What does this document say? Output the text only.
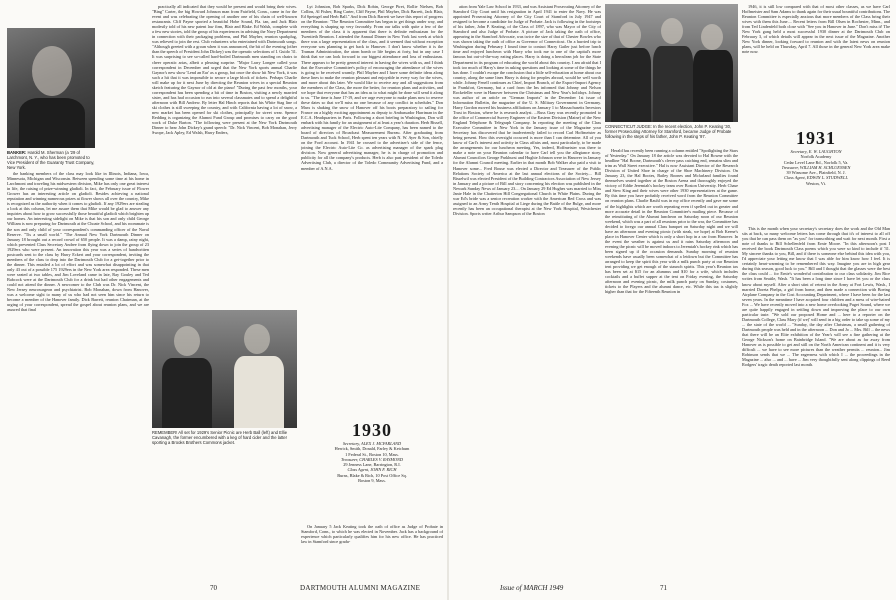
BANKER: Harold M. Sherman (a '29 of Larchmont, N. Y., who has been promoted to Vice President of the Guaranty Trust Company, New York.

the banking members of the class may look like in Illinois, Indiana, Iowa, Minnesota, Michigan and Wisconsin. Between spending some time at his home in Larchmont and traveling his midwestern division, Mike has only one great interest in life, the raising of prize-winning gladioli. In fact, the February issue of Flower Grower has an interesting article on gladioli. Besides achieving a national reputation and winning numerous prizes at flower shows all over the country, Mike is recognized as the authority when it comes to gladioli. If any 1929ers are stealing a look at this column, let me assure them that Mike would be glad to answer any inquiries about how to grow successfully those beautiful gladioli which brighten up our homes. An interesting sidelight on Mike is that his son and only child George William is now preparing for Dartmouth at the Choate School, and his roommate is the son and only child of your correspondent's commanding officer of the Naval Reserve. "Tis a small world." "The Annual New York Dartmouth Dinner on January 18 brought out a record crowd of 650 people. It was a damp, rainy night, which prevented Class Secretary Andree from flying down to join the group of 23 1929ers who were present. An innovation this year was a series of handwritten postcards sent to the class by Harry Eckert and your correspondent, inviting the members of the class to drop into the Dartmouth Club for a get-together prior to the dinner. This entailed a lot of effort and was somewhat disappointing in that only 43 out of a possible 175 1929ers in the New York area responded. These men were seated at two tables, and Jim Loveland came in late, Ray Gouley and Ted Babcock were at the Dartmouth Club for a drink but had other engagements and could not attend the dinner. A newcomer to the Club was Dr. Nick Vincent, the New Jersey neurosurgeon and psychiatrist. Bob Monahan, down from Hanover, was a welcome sight to many of us who had not seen him since his return to become a member of the Hanover family. Dick Barrett, reunion Chairman, at the urging of your correspondent, spread the gospel about reunion plans, and we are assured that final

practically all indicated that they would be present and would bring their wives. "Bing" Carter, the big Howard Johnson man from Fairfield, Conn., came in for the event and was celebrating the opening of another one of his chain of well-known restaurants. Cliff Payne sported a beautiful Hobe Sound, Fla. tan, and Jack Blair modestly told of his new patent law firm, Blair and Blake. Ed Walsh, complete with a few new stories, told the group of his experiences in advising the Navy Department in connection with their packaging problems, and Phil Mayher, reunion sparkplug, was relieved to join the rest. Club volunteers who entertained with Dartmouth songs. "Although greeted with a groan when it was announced, the bit of the evening (other than the speech of President John Dickey) was the operatic selections of I. Guido '31. It was surprising to see so-called hard-boiled Dartmouth men standing on chairs to cheer operatic arias, albeit a pleasing surprise. "Major Larry Longee called your correspondent in December and urged that the New York sports annual Charlie Gaynor's new show 'Lend an Ear' as a group, but once the show hit New York, it was such a hit that it was impossible to secure a large block of tickets. Perhaps Charlie will make up for it next June by directing the Reunion wives in a special Reunion sketch featuring the Gaynor of old at the piano! "During the past few months, your correspondent has been spending a bit of time in Boston, visiting a newly married sister, and has had occasion to run into several classmates and to spend a delightful afternoon with Bill Andrew. By letter Hal Hinch reports that his White Stag line of ski clothes is still sweeping the country, and with California having a lot of snow, a new market has been opened for ski clothes, principally for street wear. Spence Redding is organizing the Alumni Fund Group and promises to carry on the good work of Duke Barton. "The following were present at the New York Dartmouth Dinner to hear John Dickey's grand speech: "Dr. Nick Vincent, Bob Monahan, Jerry Swope, Jack Apley, Ed Walsh, Harry Enders,

REMEMBER! All set for 1929's Senior Picnic are Herb Ball (left) and Ellie Cavanagh, the former encumbered with a keg of hard cider and the latter sporting a Brooks Brothers Commons jacket.

Lyt Johnston, Bob Sparks, Dick Robin, George Piret, Rollie Nielsen, Bob Collins, Al Fisher, Bing Carter, Cliff Payne, Phil Mayher, Dick Barrett, Jack Blair, Ed Speingel and Herb Ball." And from Dick Barrett we have this report of progress on the Reunion: "The Reunion Committee has begun to get things under way, and everything is shaping up very favorably. From our talks with quite a few of the members of the class it is apparent that there is definite enthusiasm for the Twentieth Reunion. I attended the Annual Dinner in New York last week at which there was a large representation of the class, and it seemed that without exception everyone was planning to get back to Hanover. I don't know whether it is the Truman Administration, the atom bomb or life begins at forty, but in any case I think that we can look forward to our biggest attendance and loss of enthusiasm. There appears to be pretty general interest in having the wives with us, and I think that the Executive Committee's policy of encouraging the attendance of the wives is going to be received warmly. Phil Mayher and I have some definite ideas along these lines to make the reunion pleasant and enjoyable in every way for the wives, and more about this later. We would like to receive any and all suggestions from the members of the Class, the more the better, for reunion plans and activities, and we hope that everyone that has an idea as to what might be done will send it along to us. "The time is June 17-19, and we urge everyone to make plans now to reserve these dates so that we'll miss no one because of any conflict in schedules." Don Marx is shaking the snow of Hanover off his boots preparatory to sailing for France on a highly exciting appointment as deputy to Ambassador Harriman in the E.C.A. Headquarters in Paris. Following a short briefing in Washington, Don will embark with his family for an assignment of at least a year's duration. Herb Bissell, advertising manager of the Electric Auto-Lite Company, has been named to the board of directors of Broadcast Measurement Bureau. After graduating from Dartmouth and Tuck School, Herb spent ten years with N. W. Ayer & Son, chiefly on the Ford account. In 1941 he crossed to the advertiser's side of the fence, joining the Electric Auto-Lite Co. as advertising manager of the spark plug division. Now general advertising manager, he is in charge of promotion and publicity for all the company's products. Herb is also past president of the Toledo Advertising Club, a director of the Toledo Community Advertising Fund, and a member of A.N.A.

1930
Secretary, ALEX J. MCFARLAND
Herrick, Smith, Donald, Farley & Ketchum
1 Federal St., Boston 10, Mass.
Treasurer, CHARLES V. RAYMOND
29 Jenness Lane, Barrington, R.I.
Class Agent, JOHN F. RICH
Burns, Blake & Rich, 10 Post Office Sq.
Boston 9, Mass.

On January 5 Jack Keating took the oath of office as Judge of Probate in Stamford, Conn., to which he was elected in November. Jack has a background of experience which particularly qualifies him for his new office. He has practiced law in Stamford since gradu-

70	DARTMOUTH ALUMNI MAGAZINE

ation from Yale Law School in 1933, and was Assistant Prosecuting Attorney of the Stamford City Court until his resignation in April 1941 to enter the Navy. He was appointed Prosecuting Attorney of the City Court of Stamford in July 1947 and resigned to become a candidate for Judge of Probate. Jack is following in the footsteps of his father, John P. Keating, of the Class of 1897, who was Mayor of the City of Stamford and also Judge of Probate. A picture of Jack taking the oath of office, appearing in the Stamford Advocate, was twice the size of that of Chester Bowles who was shown taking the oath of office as Governor of Connecticut. On a hurried trip to Washington during February I found time to contact Harry Gailer just before lunch time and enjoyed luncheon with Harry who took me to one of the capital's more famous but out-of-the-way eating places. Harry is doing a herculean job for the State Department in its program of educating the world about this country. I am afraid that I took too much of Harry's time in asking questions and looking at some of the things he has done. I couldn't escape the conclusion that a little self-education at home about our country, along the same lines Harry is doing for peoples abroad, would be well worth while. Johnny Fenell continues as Chief, Import Branch, of the Export-Import Agency in Frankfort, Germany, but a card from the Ins informed that Johnny and Nelson Rockefeller were in Hanover between the Christmas and New Year's holidays. Johnny was author of an article on "German Imports" in the December 1st issue of Information Bulletin, the magazine of the U. S. Military Government in Germany. Harry Gordon moved his business affiliations on January 1 to Massachusetts Investors Trust in Boston, where he is research analyst. ...Russ Gray was recently promoted to the office of Commercial Survey Engineer of the Eastern Division (Maine) of the New England Telephone & Telegraph Company. In reporting the meeting of the Class Executive Committee in New York in the January issue of the Magazine your Secretary has discovered that he inadvertently failed to record Carl Hoffmeister as being present. How this oversight occurred is more than I can determine. All of you know of Carl's interest and activity in Class affairs and, most particularly, to be made the arrangements for our luncheon meeting. Yes, indeed, Hoffmeister was there to make a note on your Reunion calendar to have Carl tell you the allegiance story. Alumni Councilors George Parkhurst and Hughie Johnson were in Hanover in January for the Alumni Council meeting. Earlier in that month Bob Walker also paid a visit to Hanover some... Fred Bouse was elected a Director and Treasurer of the Public Relations Society of America at the last annual elections of the Society.... Bill Bisselwil was elected President of the Building Contractors Association of New Jersey in January and a picture of Bill and story concerning his election was published in the Newark Sunday News of January 23.... On January 29 Ed Hughes was married to Miss Janie Hale in the Chatterton Hill Congregational Church in White Plains. During the war Ed's bride was a senior recreation worker with the American Red Cross and was assigned to an Army Tenth Hospital at Liege during the Battle of the Bulge, and more recently has been an occupational therapist at the New York Hospital, Westchester Division. Sports writer Arthur Sampson of the Boston

CONNECTICUT JUDGE: In the recent election, John P. Keating '30, former Prosecuting Attorney for Stamford, became Judge of Probate following in the steps of his father, John P. Keating '97.

Herald has recently been running a column entitled "Spotlighting the Stars of Yesterday." On January 18 the article was devoted to Hal Bowne with the headline "Hal Boone, Dartmouth's clever pass catching end, remains slim and trim as Wall Street executive." Hal is now Assistant Director of the Research Division of United Shoe in charge of the Shoe Machinery Division. On January 23, the Hal Bootes, Bailey Boones and Mcfarland families found themselves seated together at the Boston Arena and thoroughly enjoyed the victory of Eddie Jeremiah's hockey team over Boston University. Herb Chase and Stew King and their wives were other 1930 representatives at the game. By this time you have probably received word from the Reunion Committee on reunion plans. Charlie Rauhl was in my office recently and gave me some of the highlights which are worth repeating even if spelled out in greater and more accurate detail in the Reunion Committee's mailing piece. Because of the reinstituting of the Alumni luncheon on Saturday noon of our Reunion weekend, which was a part of all reunions prior to the war, the Committee has decided to forego our annual Class banquet on Saturday night and we will have an afternoon and evening picnic (with steak, we hope) at Bob Keene's place in Hanover Center which is only a short hop in a car from Hanover. In the event the weather is against us and it rains Saturday afternoon and evening the picnic will be moved indoors to Jeremiah's hockey rink which has been signed up if the occasion demands. Sunday morning of reunion weekends have usually been somewhat of a letdown but the Committee has arranged to keep the spirit this year with a milk punch party at our Reunion tent providing we get enough of the staunch spirits. This year's Reunion tax has been set at $15 for an alumnus and $10 for a wife, which includes cocktails and a buffet supper at the tent on Friday evening, the Saturday afternoon and evening picnic, the milk punch party on Sunday, costumes, tickets to the Players and the alumni dance, etc. While this tax is slightly higher than that for the Fifteenth Reunion in

1946, it is still low compared with that of most other classes, as we have Carl Hoffmeister and Sam Adams to thank again for their usual bountiful contributions. The Reunion Committee is especially anxious that more members of the Class bring their wives with them this June.... Recent letters from Bill Olsen in Rochester, Minn., and from Ted Lindenfeld both close with "See you in Hanover in June." Don't miss it! The New York gang held a most successful 1930 dinner at the Dartmouth Club on February 3, of which details will appear in the next issue of the Magazine. Another New York dinner, looking forward to reunion and with the latest news on reunion plans, will be held on Thursday, April 7. All those in the general New York area make note now.

1931
Secretary, E. W. LAUGHTON
Norfolk Academy
Cedar Level Lane Rd., Norfolk 5, Va.
Treasurer, WILLIAM H. SCHLUENSEN
39 Winsome Ave., Plainfield, N. J.
Class Agent, EDWIN L. STUDWELL
Weston, Vt.

This is the month when your secretary's secretary does the work and the Old Man sits at back, so many welcome letters has come through that it's of interest to all off you that he can pass them on "as you" for transcribing and wait for next month. First a note of thanks to Bill Schellenfeld from Ernie Moore. "In this afternoon's post I received the book Dartmouth Class poems which you were so kind to include if '31. My sincere thanks to you, Bill, and if there is someone else behind this idea with you, I'd appreciate your letting me know that I was able for him know how I feel. It is certainly heart-warming to be remembered this way. Imagine you are in high gear during this season, good luck to you." Bill and I thought that the glasses were the best the class could ... for Ernie's wonderful contribution to our class solidarity. Jim Rice writes from Seattle, Wash. "It has been a long time since I have let you or the class know about myself. After a short stint of retreat in the Army at Fort Lewis, Wash., I married Doreta Phelps, a girl from home, and then made a connection with Boeing Airplane Company in the Cost Accounting Department, where I have been for the last seven years. In the meantime I have acquired four children and a mess of wire-haired Fox ... We have recently moved into a new home overlooking Puget Sound, where we are quite happily engaged in settling down and improving the place to our own particular taste. "We sold our proposed Home and ... here to a reporter on the Dartmouth College, Class Mary (if we)' will send in a big order to take up some of my ... the state of the world ... "Sunday, the day after Christmas, a small gathering of Dartmouth people was held and in the afternoon ... Don and Jo ... Mrs. Bill ... the news that there will be an Elite exhibition of the Year's will see a fine gathering at the George Nickson's home on Bainbridge Island. "We are about as far away from Hanover as is possible to get and still on the North American continent and it is very difficult ... we have to see more pictures than the weather permits ... reunion... Jim Robinson sends that we ... The eagerness with which I ... the proceedings in the Magazine ... also ... and ... have ... Jim very thoughtfully sent along clippings of Reed Rodgers' tragic death reported last month.

Issue of MARCH 1949	71
